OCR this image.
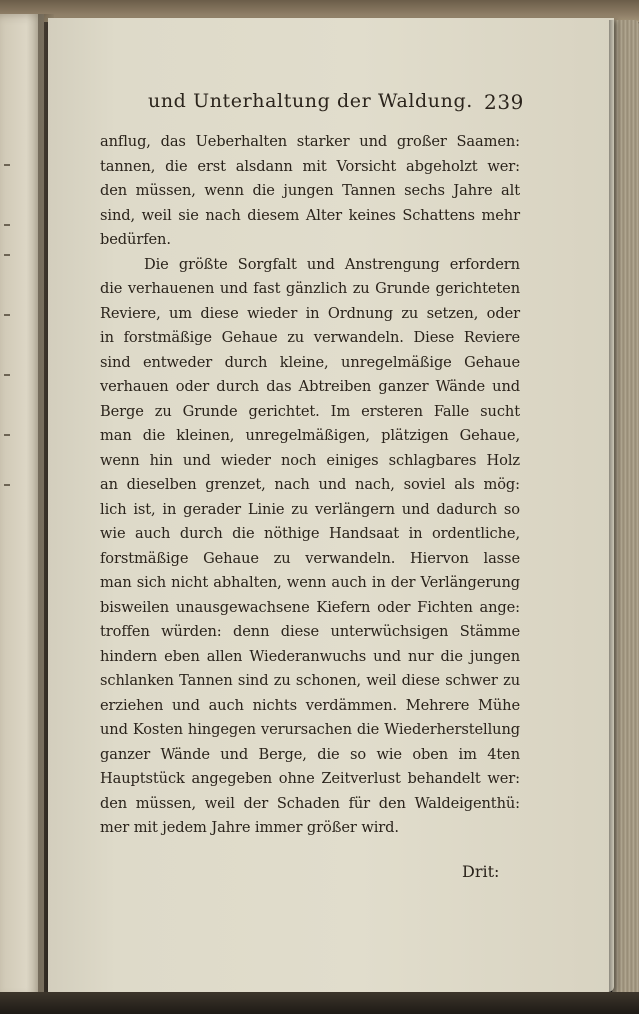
und Unterhaltung der Waldung. 239
anflug, das Ueberhalten starker und großer Saamen:
tannen, die erst alsdann mit Vorsicht abgeholzt wer:
den müssen, wenn die jungen Tannen sechs Jahre alt
sind, weil sie nach diesem Alter keines Schattens mehr
bedürfen.
Die größte Sorgfalt und Anstrengung erfordern
die verhauenen und fast gänzlich zu Grunde gerichteten
Reviere, um diese wieder in Ordnung zu setzen, oder
in forstmäßige Gehaue zu verwandeln. Diese Reviere
sind entweder durch kleine, unregelmäßige Gehaue
verhauen oder durch das Abtreiben ganzer Wände und
Berge zu Grunde gerichtet. Im ersteren Falle sucht
man die kleinen, unregelmäßigen, plätzigen Gehaue,
wenn hin und wieder noch einiges schlagbares Holz
an dieselben grenzet, nach und nach, soviel als mög:
lich ist, in gerader Linie zu verlängern und dadurch so
wie auch durch die nöthige Handsaat in ordentliche,
forstmäßige Gehaue zu verwandeln. Hiervon lasse
man sich nicht abhalten, wenn auch in der Verlängerung
bisweilen unausgewachsene Kiefern oder Fichten ange:
troffen würden: denn diese unterwüchsigen Stämme
hindern eben allen Wiederanwuchs und nur die jungen
schlanken Tannen sind zu schonen, weil diese schwer zu
erziehen und auch nichts verdämmen. Mehrere Mühe
und Kosten hingegen verursachen die Wiederherstellung
ganzer Wände und Berge, die so wie oben im 4ten
Hauptstück angegeben ohne Zeitverlust behandelt wer:
den müssen, weil der Schaden für den Waldeigenthü:
mer mit jedem Jahre immer größer wird.
Drit:
